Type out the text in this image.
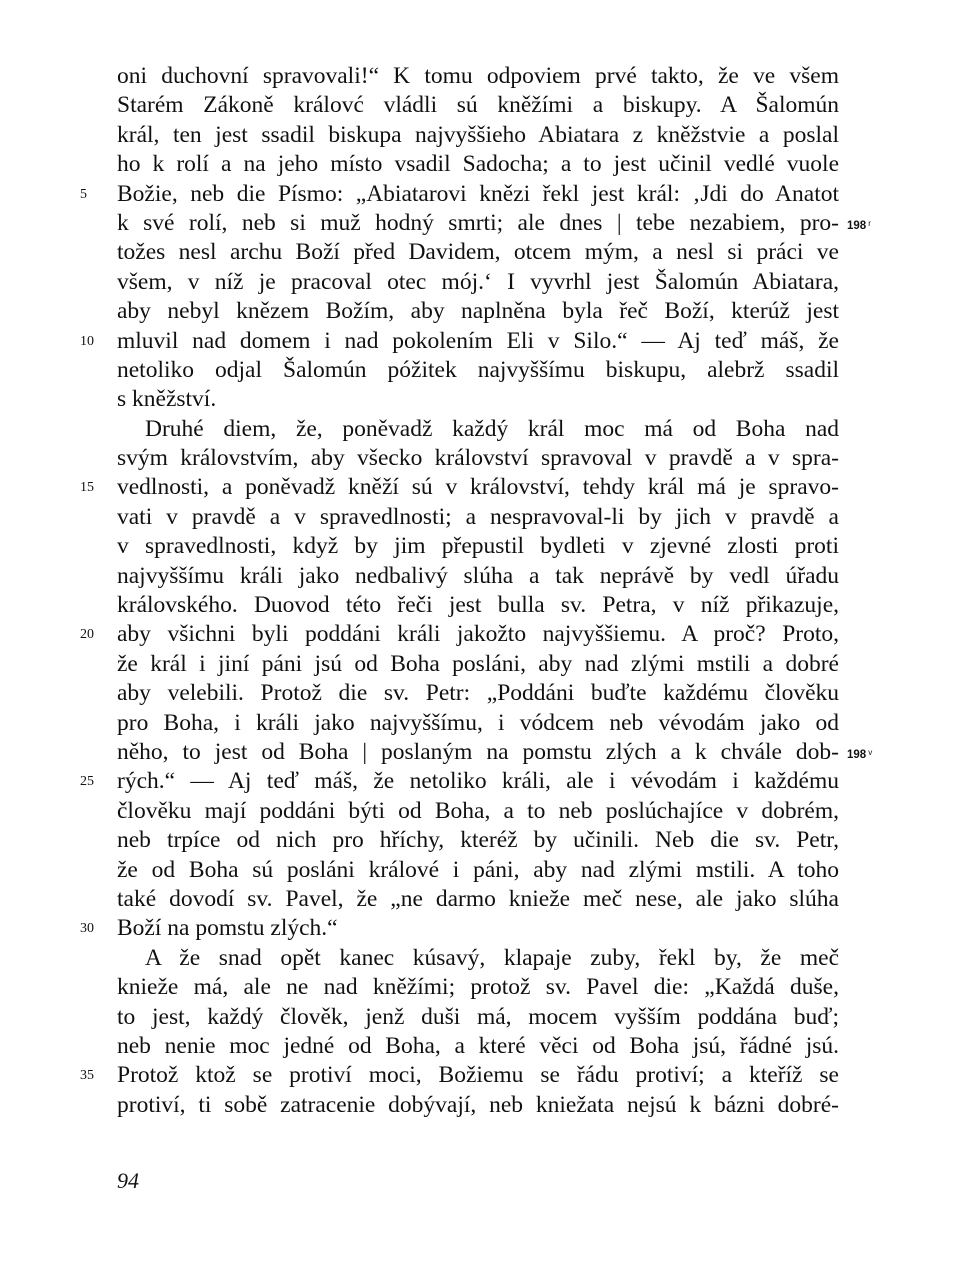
oni duchovní spravovali!“ K tomu odpoviem prvé takto, že ve všem
Starém Zákoně královć vládli sú kněžími a biskupy. A Šalomún
král, ten jest ssadil biskupa najvyššieho Abiatara z kněžstvie a poslal
ho k rolí a na jeho místo vsadil Sadocha; a to jest učinil vedlé vuole
5	Božie, neb die Písmo: „Abiatarovi knězi řekl jest král: ‚Jdi do Anatot
k své rolí, neb si muž hodný smrti; ale dnes | tebe nezabiem, pro- 198 $^r$
tožes nesl archu Boží před Davidem, otcem mým, a nesl si práci ve
všem, v níž je pracoval otec mój.‘ I vyvrhl jest Šalomún Abiatara,
aby nebyl knězem Božím, aby naplněna byla řeč Boží, kterúž jest
10 mluvil nad domem i nad pokolením Eli v Silo.“ — Aj teď máš, že
netoliko odjal Šalomún póžitek najvyššímu biskupu, alebrž ssadil
s kněžství.
Druhé diem, že, poněvadž každý král moc má od Boha nad
svým královstvím, aby všecko království spravoval v pravdě a v spra-
15 vedlnosti, a poněvadž kněží sú v království, tehdy král má je spravo-
vati v pravdě a v spravedlnosti; a nespravoval-li by jich v pravdě a
v spravedlnosti, když by jim přepustil bydleti v zjevné zlosti proti
najvyššímu králi jako nedbalivý slúha a tak neprávě by vedl úřadu
královského. Duovod této řeči jest bulla sv. Petra, v níž přikazuje,
20 aby všichni byli poddáni králi jakožto najvyššiemu. A proč? Proto,
že král i jiní páni jsú od Boha posláni, aby nad zlými mstili a dobré
aby velebili. Protož die sv. Petr: „Poddáni buďte každému člověku
pro Boha, i králi jako najvyššímu, i vódcem neb vévodám jako od
něho, to jest od Boha | poslaným na pomstu zlých a k chvále dob- 198 $^v$
25 rých.“ — Aj teď máš, že netoliko králi, ale i vévodám i každému
člověku mají poddáni býti od Boha, a to neb poslúchajíce v dobrém,
neb trpíce od nich pro hříchy, kteréž by učinili. Neb die sv. Petr,
že od Boha sú posláni králové i páni, aby nad zlými mstili. A toho
také dovodí sv. Pavel, že „ne darmo knieže meč nese, ale jako slúha
30 Boží na pomstu zlých.“
A že snad opět kanec kúsavý, klapaje zuby, řekl by, že meč
knieže má, ale ne nad kněžími; protož sv. Pavel die: „Každá duše,
to jest, každý člověk, jenž duši má, mocem vyšším poddána buď;
neb nenie moc jedné od Boha, a které věci od Boha jsú, řádné jsú.
35 Protož ktož se protiví moci, Božiemu se řádu protiví; a kteříž se
protiví, ti sobě zatracenie dobývají, neb kniežata nejsú k bázni dobré-
94
